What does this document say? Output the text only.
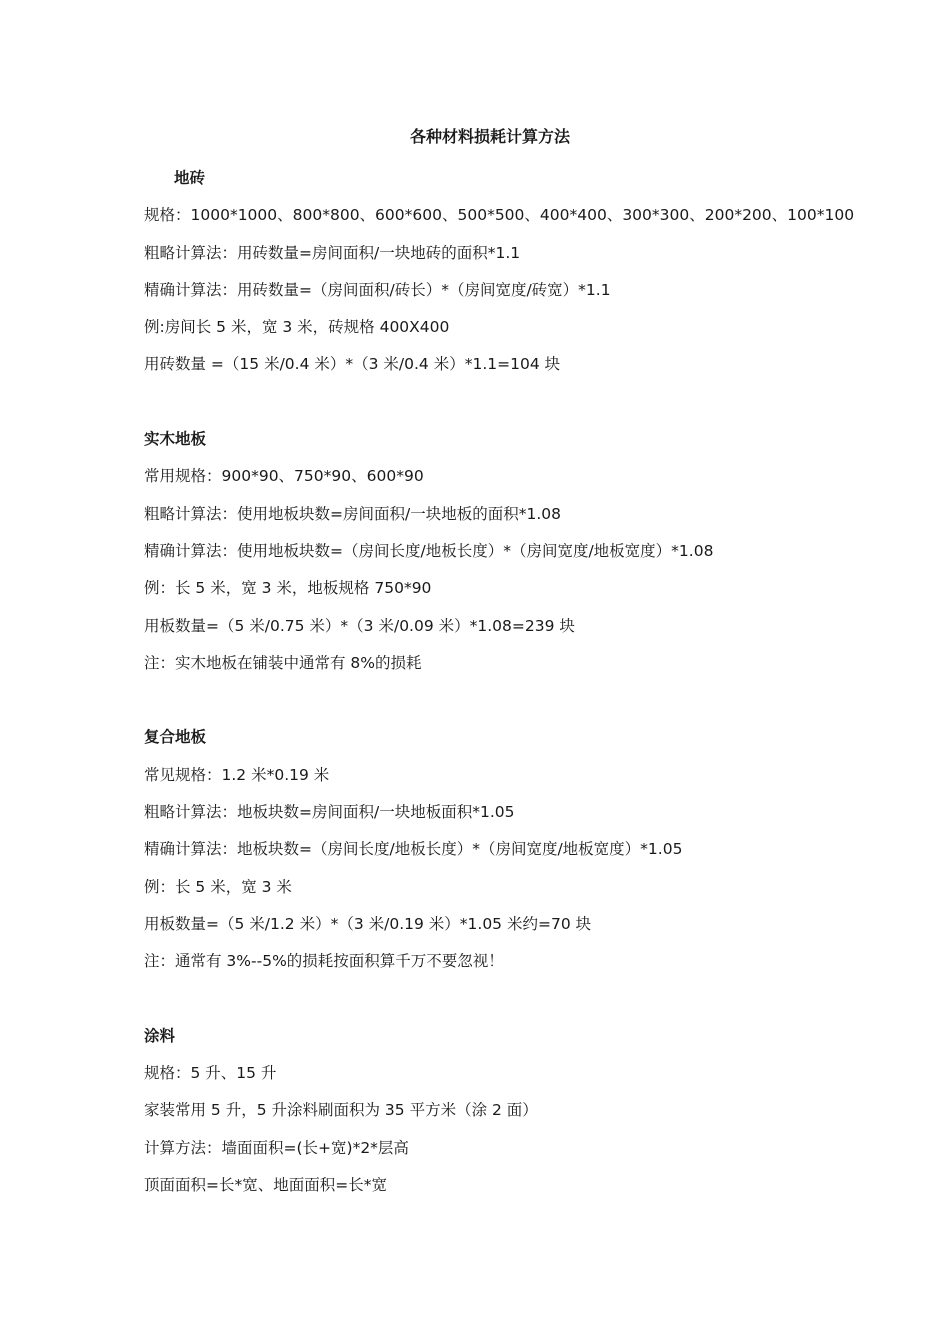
各种材料损耗计算方法
地砖
规格：1000*1000、800*800、600*600、500*500、400*400、300*300、200*200、100*100
粗略计算法：用砖数量=房间面积/一块地砖的面积*1.1
精确计算法：用砖数量=（房间面积/砖长）*（房间宽度/砖宽）*1.1
例:房间长 5 米，宽 3 米，砖规格 400X400
用砖数量 =（15 米/0.4 米）*（3 米/0.4 米）*1.1=104 块
实木地板
常用规格：900*90、750*90、600*90
粗略计算法：使用地板块数=房间面积/一块地板的面积*1.08
精确计算法：使用地板块数=（房间长度/地板长度）*（房间宽度/地板宽度）*1.08
例：长 5 米，宽 3 米，地板规格 750*90
用板数量=（5 米/0.75 米）*（3 米/0.09 米）*1.08=239 块
注：实木地板在铺装中通常有 8%的损耗
复合地板
常见规格：1.2 米*0.19 米
粗略计算法：地板块数=房间面积/一块地板面积*1.05
精确计算法：地板块数=（房间长度/地板长度）*（房间宽度/地板宽度）*1.05
例：长 5 米，宽 3 米
用板数量=（5 米/1.2 米）*（3 米/0.19 米）*1.05 米约=70 块
注：通常有 3%--5%的损耗按面积算千万不要忽视！
涂料
规格：5 升、15 升
家装常用 5 升，5 升涂料刷面积为 35 平方米（涂 2 面）
计算方法：墙面面积=(长+宽)*2*层高
顶面面积=长*宽、地面面积=长*宽
